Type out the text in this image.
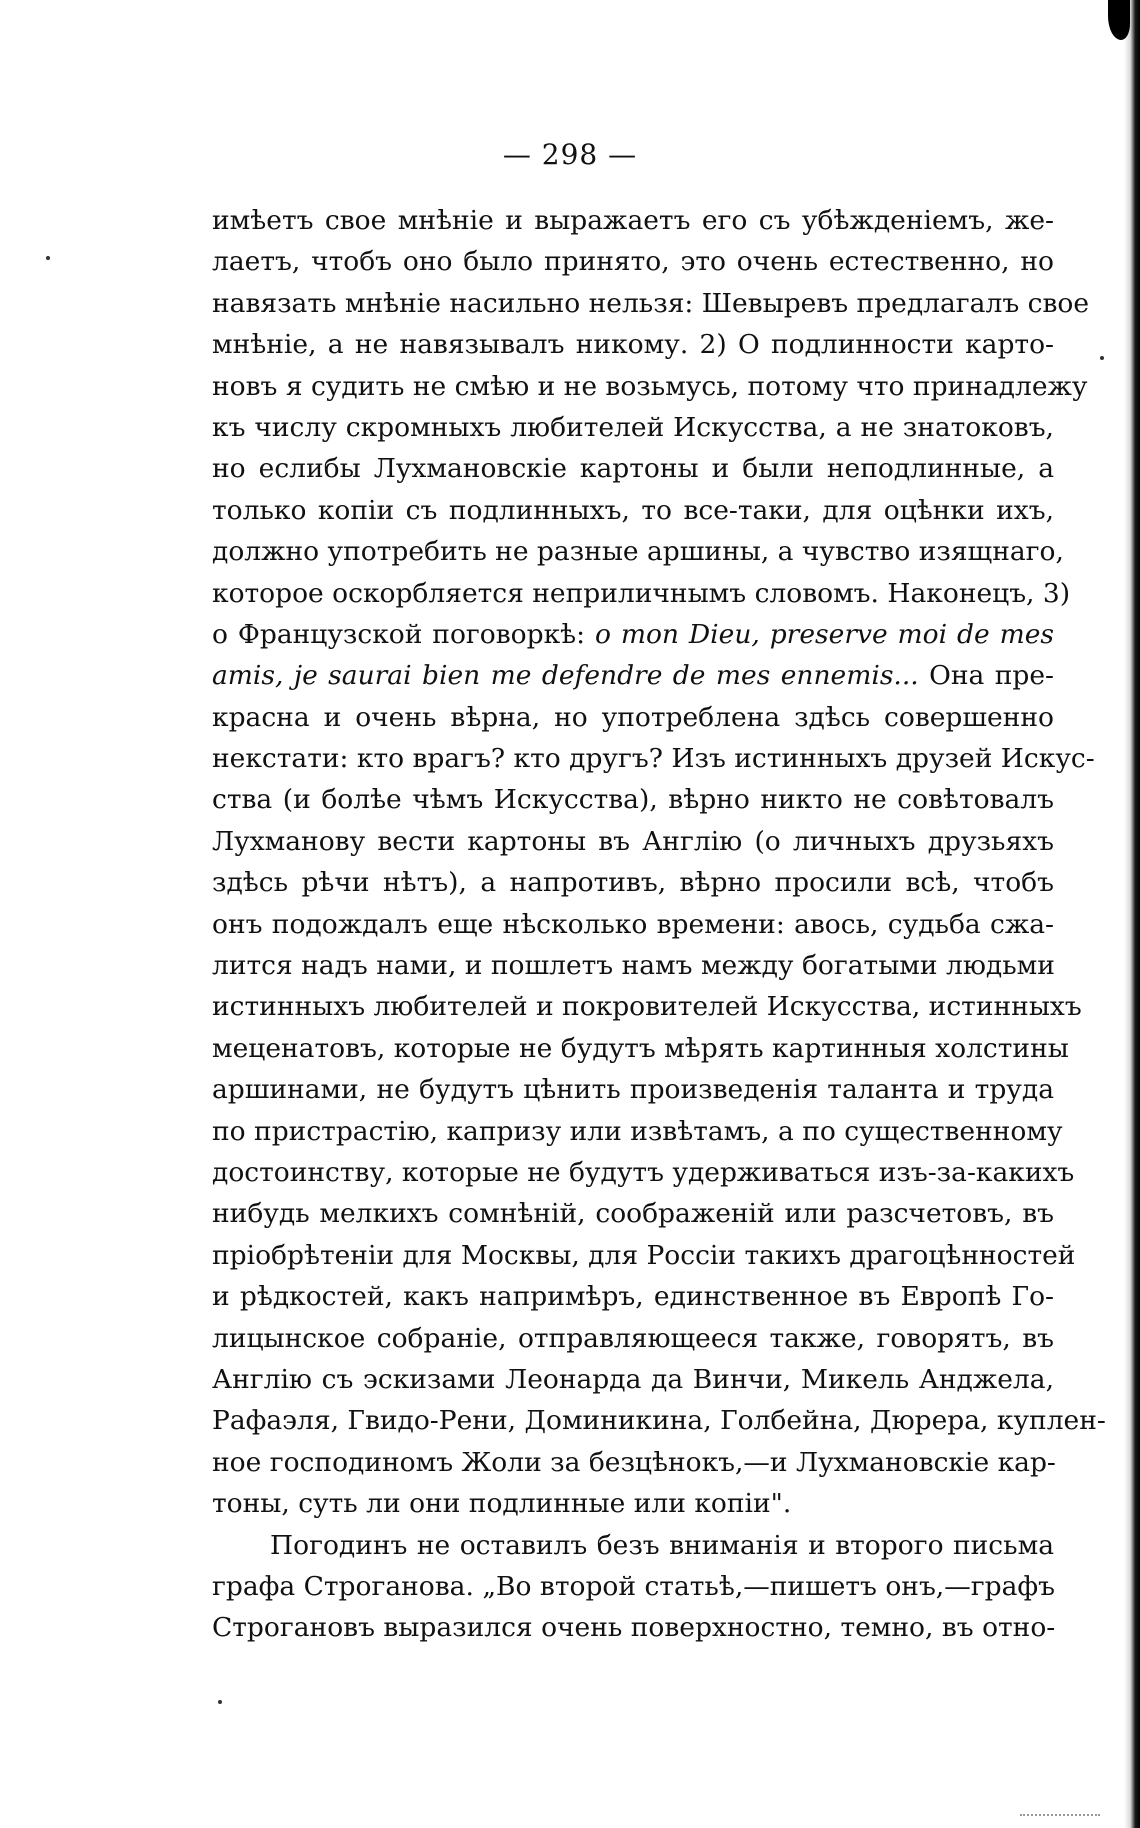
— 298 —
имѣетъ свое мнѣніе и выражаетъ его съ убѣжденіемъ, же-
лаетъ, чтобъ оно было принято, это очень естественно, но
навязать мнѣніе насильно нельзя: Шевыревъ предлагалъ свое
мнѣніе, а не навязывалъ никому. 2) О подлинности карто-
новъ я судить не смѣю и не возьмусь, потому что принадлежу
къ числу скромныхъ любителей Искусства, а не знатоковъ,
но еслибы Лухмановскіе картоны и были неподлинные, а
только копіи съ подлинныхъ, то все-таки, для оцѣнки ихъ,
должно употребить не разные аршины, а чувство изящнаго,
которое оскорбляется неприличнымъ словомъ. Наконецъ, 3)
о Французской поговоркѣ: o mon Dieu, preserve moi de mes
amis, je saurai bien me defendre de mes ennemis... Она пре-
красна и очень вѣрна, но употреблена здѣсь совершенно
некстати: кто врагъ? кто другъ? Изъ истинныхъ друзей Искус-
ства (и болѣе чѣмъ Искусства), вѣрно никто не совѣтовалъ
Лухманову вести картоны въ Англію (о личныхъ друзьяхъ
здѣсь рѣчи нѣтъ), а напротивъ, вѣрно просили всѣ, чтобъ
онъ подождалъ еще нѣсколько времени: авось, судьба сжа-
лится надъ нами, и пошлетъ намъ между богатыми людьми
истинныхъ любителей и покровителей Искусства, истинныхъ
меценатовъ, которые не будутъ мѣрять картинныя холстины
аршинами, не будутъ цѣнить произведенія таланта и труда
по пристрастію, капризу или извѣтамъ, а по существенному
достоинству, которые не будутъ удерживаться изъ-за-какихъ
нибудь мелкихъ сомнѣній, соображеній или разсчетовъ, въ
пріобрѣтеніи для Москвы, для Россіи такихъ драгоцѣнностей
и рѣдкостей, какъ напримѣръ, единственное въ Европѣ Го-
лицынское собраніе, отправляющееся также, говорятъ, въ
Англію съ эскизами Леонарда да Винчи, Микель Анджела,
Рафаэля, Гвидо-Рени, Доминикина, Голбейна, Дюрера, куплен-
ное господиномъ Жоли за безцѣнокъ,—и Лухмановскіе кар-
тоны, суть ли они подлинные или копіи".
Погодинъ не оставилъ безъ вниманія и второго письма
графа Строганова. „Во второй статьѣ,—пишетъ онъ,—графъ
Строгановъ выразился очень поверхностно, темно, въ отно-
